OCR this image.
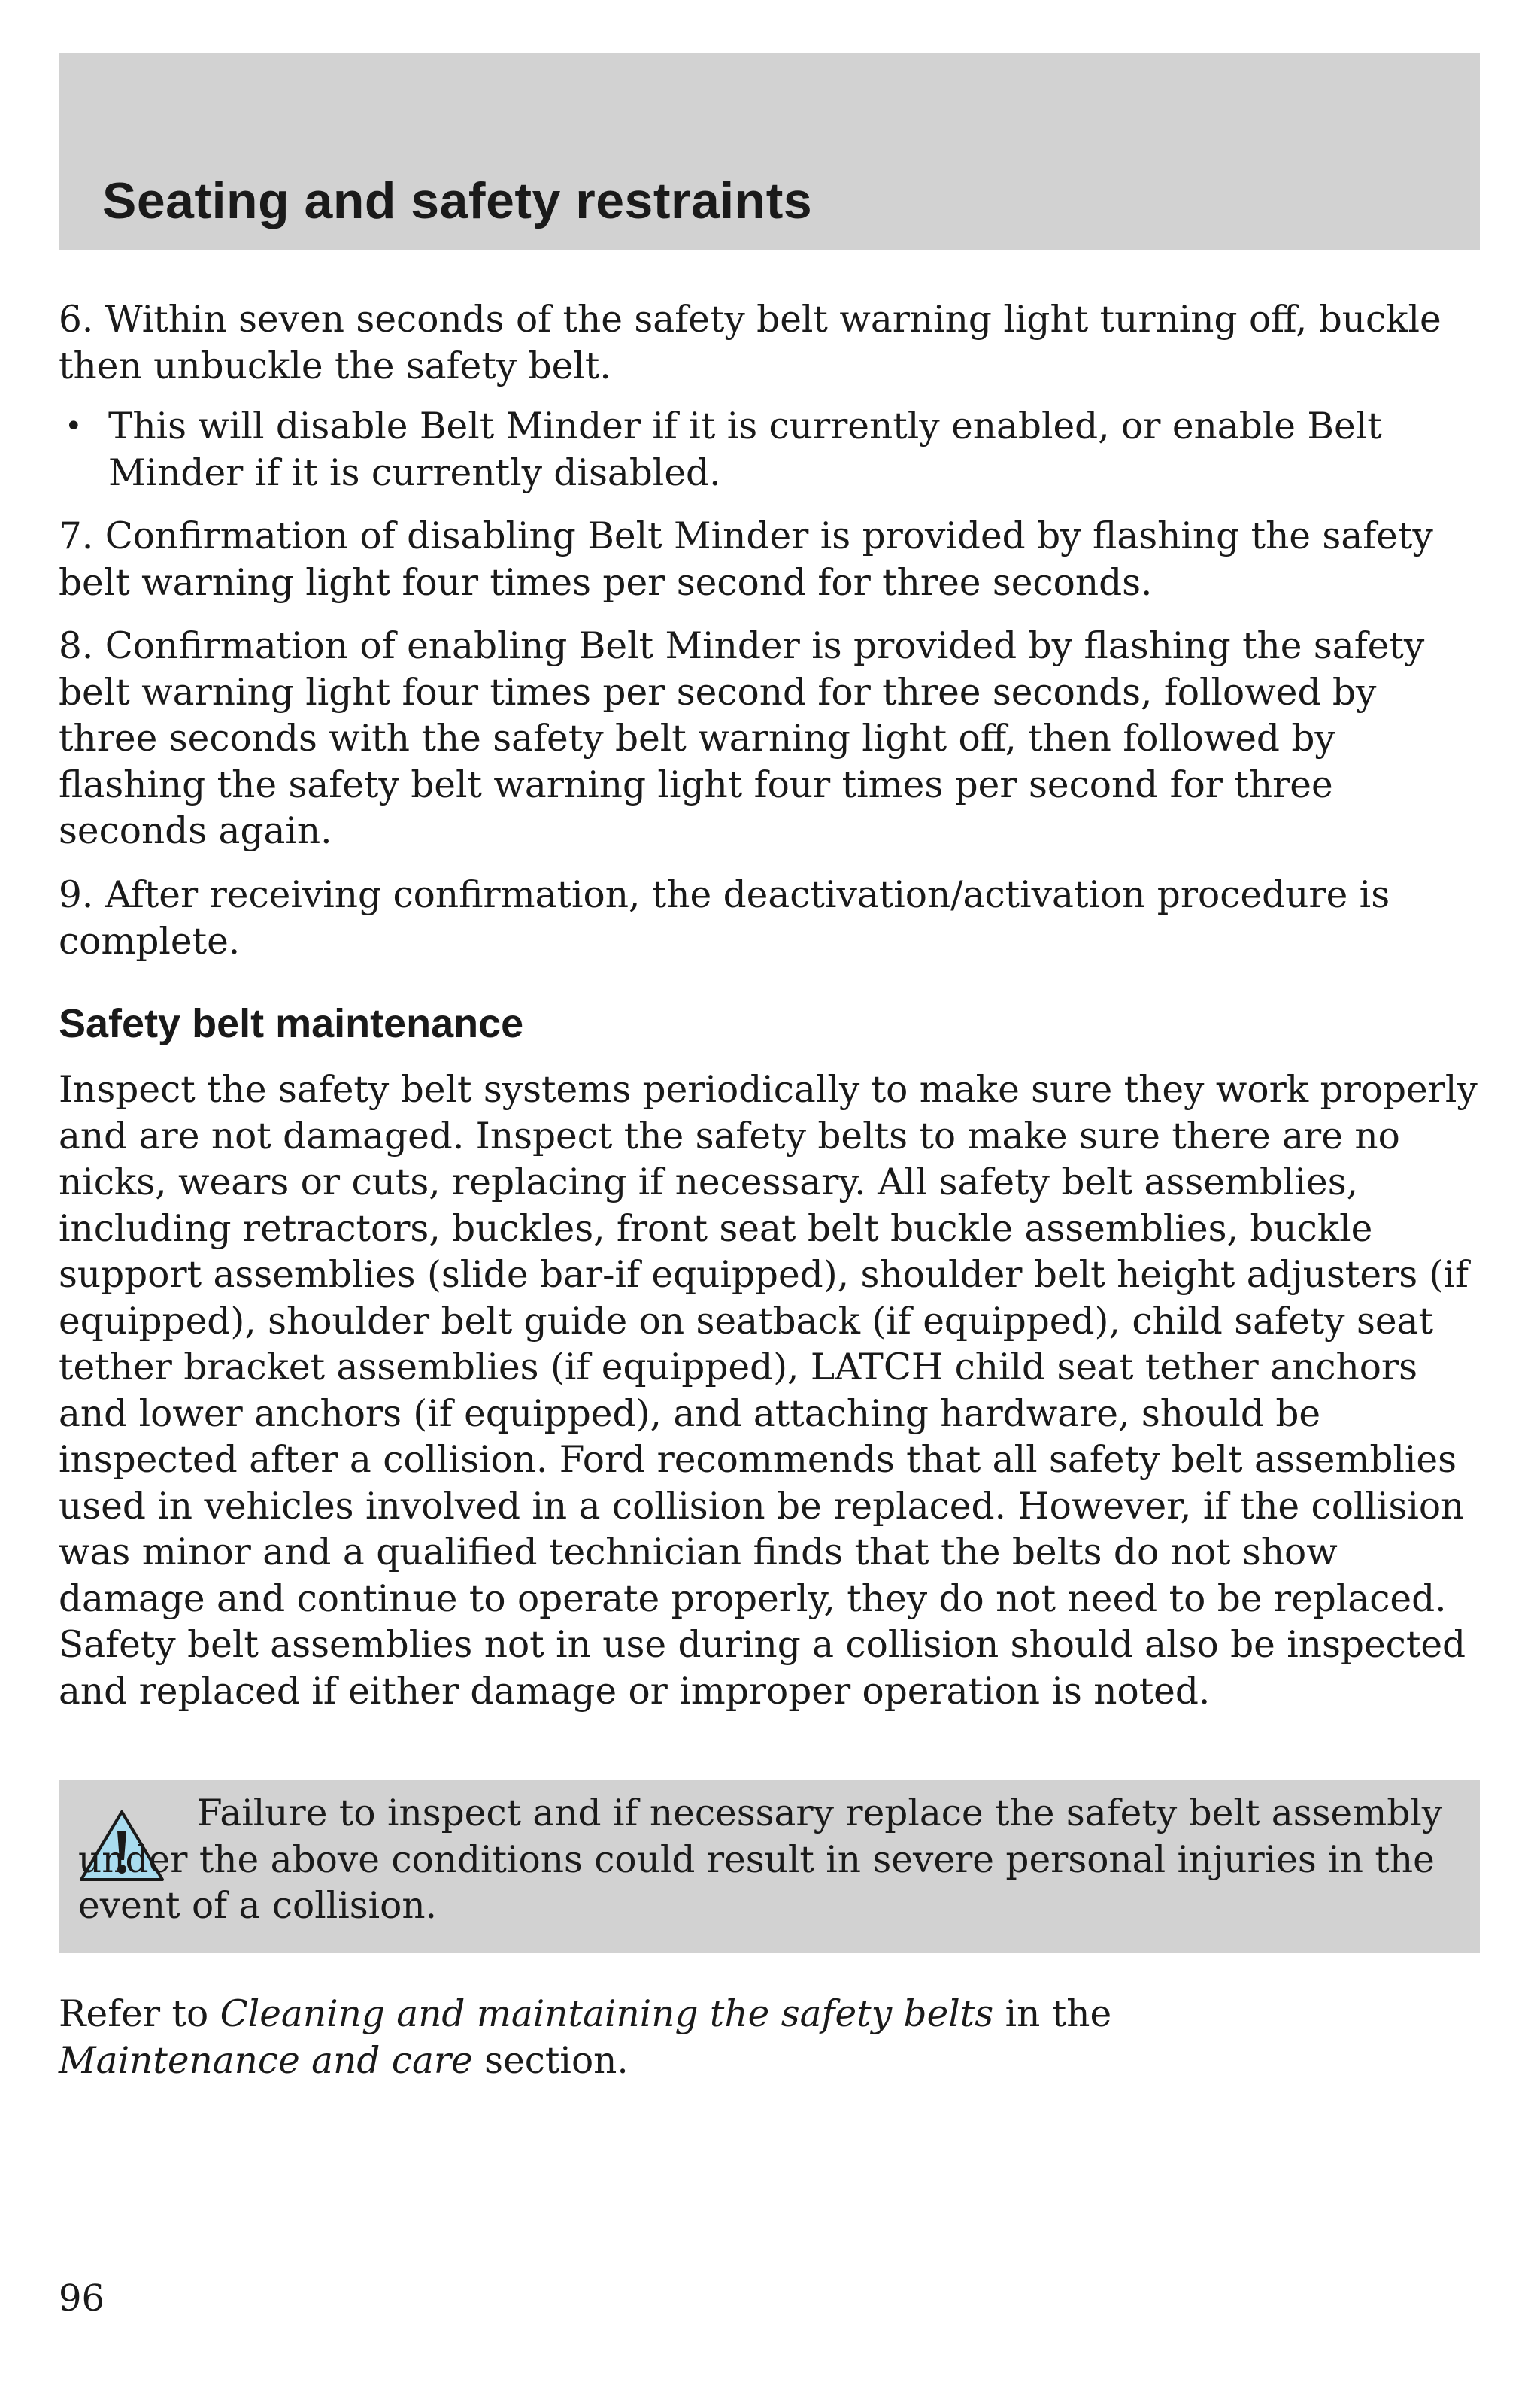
Seating and safety restraints

6. Within seven seconds of the safety belt warning light turning off, buckle then unbuckle the safety belt.

• This will disable Belt Minder if it is currently enabled, or enable Belt Minder if it is currently disabled.

7. Confirmation of disabling Belt Minder is provided by flashing the safety belt warning light four times per second for three seconds.

8. Confirmation of enabling Belt Minder is provided by flashing the safety belt warning light four times per second for three seconds, followed by three seconds with the safety belt warning light off, then followed by flashing the safety belt warning light four times per second for three seconds again.

9. After receiving confirmation, the deactivation/activation procedure is complete.

Safety belt maintenance

Inspect the safety belt systems periodically to make sure they work properly and are not damaged. Inspect the safety belts to make sure there are no nicks, wears or cuts, replacing if necessary. All safety belt assemblies, including retractors, buckles, front seat belt buckle assemblies, buckle support assemblies (slide bar-if equipped), shoulder belt height adjusters (if equipped), shoulder belt guide on seatback (if equipped), child safety seat tether bracket assemblies (if equipped), LATCH child seat tether anchors and lower anchors (if equipped), and attaching hardware, should be inspected after a collision. Ford recommends that all safety belt assemblies used in vehicles involved in a collision be replaced. However, if the collision was minor and a qualified technician finds that the belts do not show damage and continue to operate properly, they do not need to be replaced. Safety belt assemblies not in use during a collision should also be inspected and replaced if either damage or improper operation is noted.

Failure to inspect and if necessary replace the safety belt assembly under the above conditions could result in severe personal injuries in the event of a collision.

Refer to Cleaning and maintaining the safety belts in the
Maintenance and care section.

96
